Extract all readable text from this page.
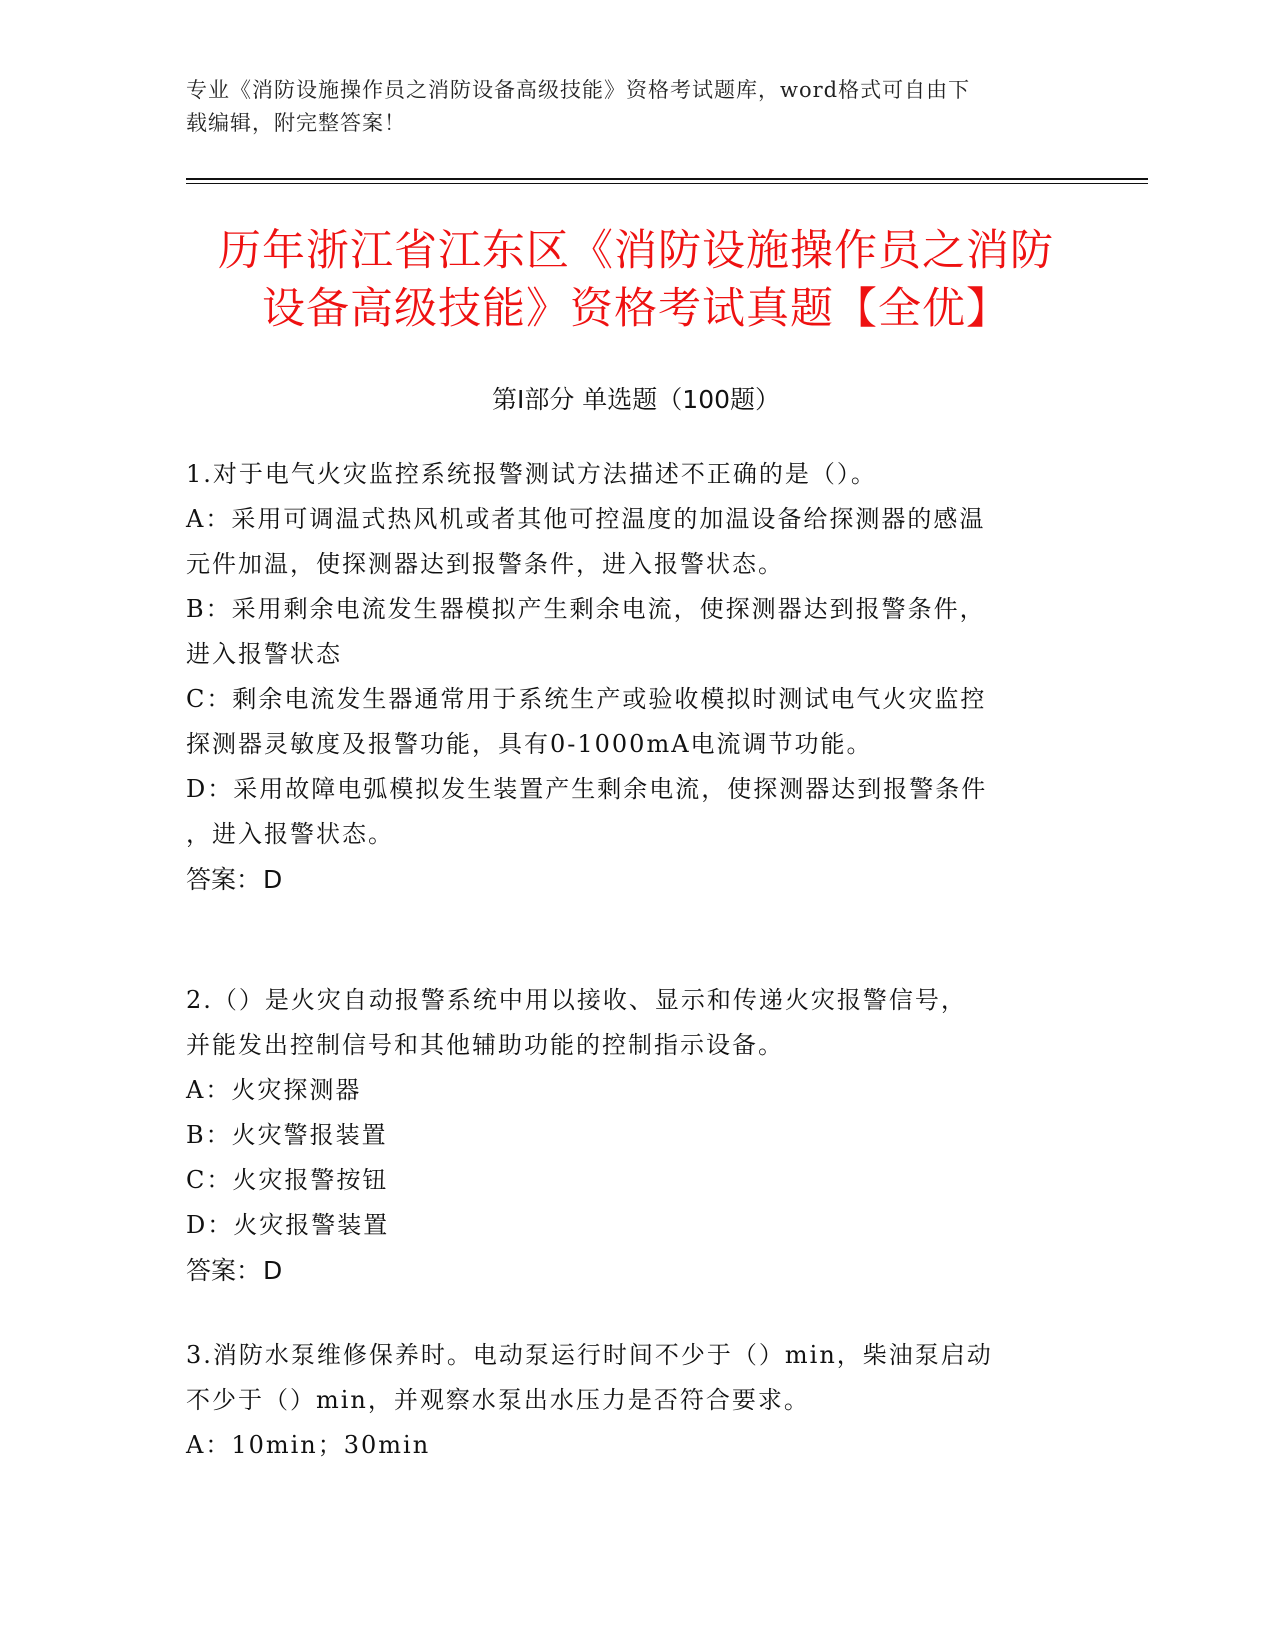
专业《消防设施操作员之消防设备高级技能》资格考试题库，word格式可自由下
载编辑，附完整答案！
历年浙江省江东区《消防设施操作员之消防
设备高级技能》资格考试真题【全优】
第I部分 单选题（100题）
1.对于电气火灾监控系统报警测试方法描述不正确的是（）。
A：采用可调温式热风机或者其他可控温度的加温设备给探测器的感温
元件加温，使探测器达到报警条件，进入报警状态。
B：采用剩余电流发生器模拟产生剩余电流，使探测器达到报警条件，
进入报警状态
C：剩余电流发生器通常用于系统生产或验收模拟时测试电气火灾监控
探测器灵敏度及报警功能，具有0-1000mA电流调节功能。
D：采用故障电弧模拟发生装置产生剩余电流，使探测器达到报警条件
，进入报警状态。
答案：D
2.（）是火灾自动报警系统中用以接收、显示和传递火灾报警信号，
并能发出控制信号和其他辅助功能的控制指示设备。
A：火灾探测器
B：火灾警报装置
C：火灾报警按钮
D：火灾报警装置
答案：D
3.消防水泵维修保养时。电动泵运行时间不少于（）min，柴油泵启动
不少于（）min，并观察水泵出水压力是否符合要求。
A：10min；30min
